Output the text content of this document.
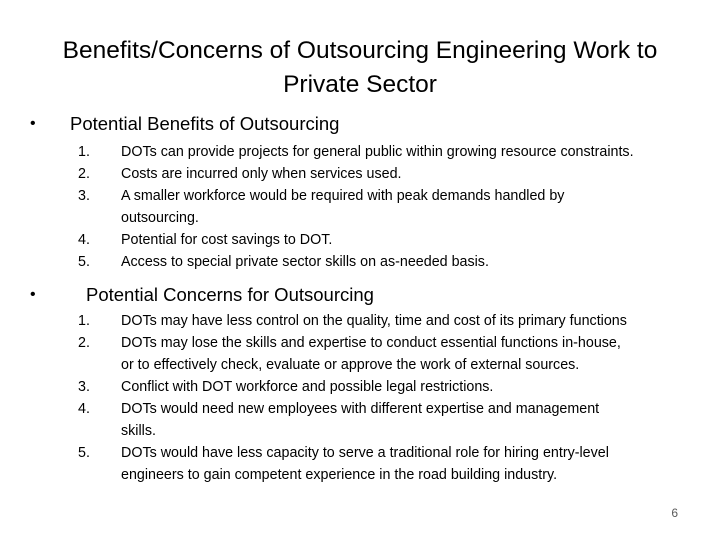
Benefits/Concerns of Outsourcing Engineering Work to
Private Sector
• Potential Benefits of Outsourcing
1.	DOTs can provide projects for general public within growing resource constraints.
2.	Costs are incurred only when services used.
3.	A smaller workforce would be required with peak demands handled by
outsourcing.
4.	Potential for cost savings to DOT.
5.	Access to special private sector skills on as-needed basis.
•	Potential Concerns for Outsourcing
1.	DOTs may have less control on the quality, time and cost of its primary functions
2.	DOTs may lose the skills and expertise to conduct essential functions in-house,
or to effectively check, evaluate or approve the work of external sources.
3.	Conflict with DOT workforce and possible legal restrictions.
4.	DOTs would need new employees with different expertise and management
skills.
5.	DOTs would have less capacity to serve a traditional role for hiring entry-level
engineers to gain competent experience in the road building industry.
6
